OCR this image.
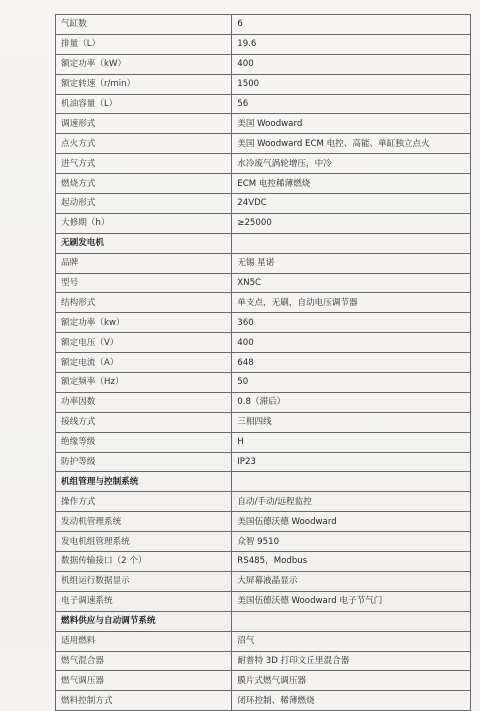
气缸数	6
排量（L）	19.6
额定功率（kW）	400
额定转速（r/min）	1500
机油容量（L）	56
调速形式	美国 Woodward
点火方式	美国 Woodward ECM 电控、高能、单缸独立点火
进气方式	水冷废气涡轮增压，中冷
燃烧方式	ECM 电控稀薄燃烧
起动形式	24VDC
大修期（h）	≥25000
无刷发电机	
品牌	无锡 星诺
型号	XN5C
结构形式	单支点，无刷，自动电压调节器
额定功率（kw）	360
额定电压（V）	400
额定电流（A）	648
额定频率（Hz）	50
功率因数	0.8（滞后）
接线方式	三相四线
绝缘等级	H
防护等级	IP23
机组管理与控制系统	
操作方式	自动/手动/远程监控
发动机管理系统	美国伍德沃德 Woodward
发电机组管理系统	众智 9510
数据传输接口（2 个）	RS485，Modbus
机组运行数据显示	大屏幕液晶显示
电子调速系统	美国伍德沃德 Woodward 电子节气门
燃料供应与自动调节系统	
适用燃料	沼气
燃气混合器	耐普特 3D 打印文丘里混合器
燃气调压器	膜片式燃气调压器
燃料控制方式	闭环控制、稀薄燃烧
